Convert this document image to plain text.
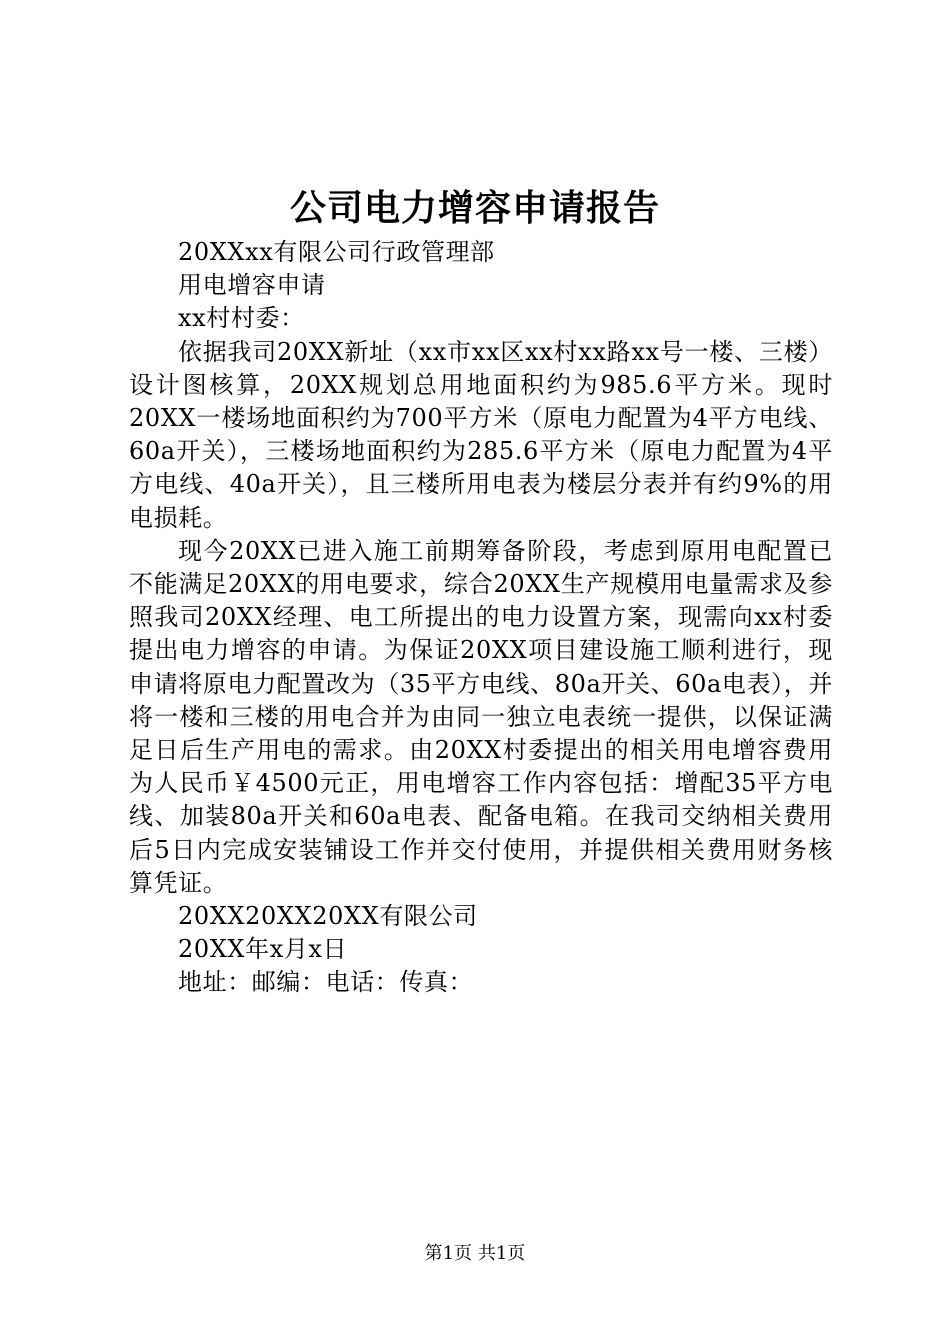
公司电力增容申请报告

20XXxx有限公司行政管理部

用电增容申请

xx村村委：

依据我司20XX新址（xx市xx区xx村xx路xx号一楼、三楼）设计图核算，20XX规划总用地面积约为985.6平方米。现时20XX一楼场地面积约为700平方米（原电力配置为4平方电线、60a开关），三楼场地面积约为285.6平方米（原电力配置为4平方电线、40a开关），且三楼所用电表为楼层分表并有约9%的用电损耗。

现今20XX已进入施工前期筹备阶段，考虑到原用电配置已不能满足20XX的用电要求，综合20XX生产规模用电量需求及参照我司20XX经理、电工所提出的电力设置方案，现需向xx村委提出电力增容的申请。为保证20XX项目建设施工顺利进行，现申请将原电力配置改为（35平方电线、80a开关、60a电表），并将一楼和三楼的用电合并为由同一独立电表统一提供，以保证满足日后生产用电的需求。由20XX村委提出的相关用电增容费用为人民币￥4500元正，用电增容工作内容包括：增配35平方电线、加装80a开关和60a电表、配备电箱。在我司交纳相关费用后5日内完成安装铺设工作并交付使用，并提供相关费用财务核算凭证。

20XX20XX20XX有限公司

20XX年x月x日

地址：邮编：电话：传真：

第1页 共1页
